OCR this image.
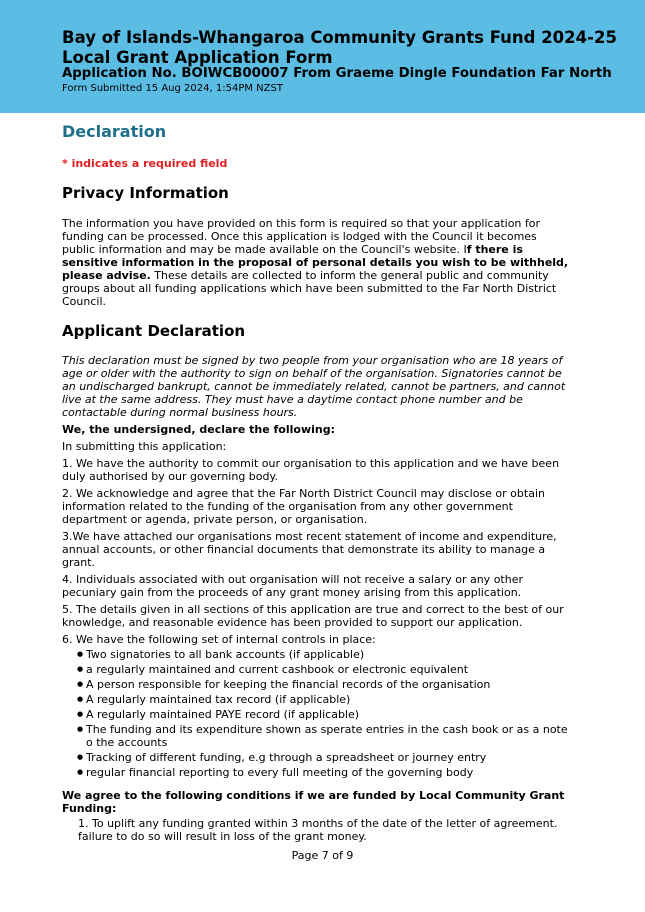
Bay of Islands-Whangaroa Community Grants Fund 2024-25 Local Grant Application Form
Application No. BOIWCB00007 From Graeme Dingle Foundation Far North
Form Submitted 15 Aug 2024, 1:54PM NZST
Declaration
* indicates a required field
Privacy Information
The information you have provided on this form is required so that your application for funding can be processed. Once this application is lodged with the Council it becomes public information and may be made available on the Council's website. If there is sensitive information in the proposal of personal details you wish to be withheld, please advise. These details are collected to inform the general public and community groups about all funding applications which have been submitted to the Far North District Council.
Applicant Declaration
This declaration must be signed by two people from your organisation who are 18 years of age or older with the authority to sign on behalf of the organisation. Signatories cannot be an undischarged bankrupt, cannot be immediately related, cannot be partners, and cannot live at the same address. They must have a daytime contact phone number and be contactable during normal business hours.
We, the undersigned, declare the following:
In submitting this application:
1. We have the authority to commit our organisation to this application and we have been duly authorised by our governing body.
2. We acknowledge and agree that the Far North District Council may disclose or obtain information related to the funding of the organisation from any other government department or agenda, private person, or organisation.
3.We have attached our organisations most recent statement of income and expenditure, annual accounts, or other financial documents that demonstrate its ability to manage a grant.
4. Individuals associated with out organisation will not receive a salary or any other pecuniary gain from the proceeds of any grant money arising from this application.
5. The details given in all sections of this application are true and correct to the best of our knowledge, and reasonable evidence has been provided to support our application.
6. We have the following set of internal controls in place:
● Two signatories to all bank accounts (if applicable)
● a regularly maintained and current cashbook or electronic equivalent
● A person responsible for keeping the financial records of the organisation
● A regularly maintained tax record (if applicable)
● A regularly maintained PAYE record (if applicable)
● The funding and its expenditure shown as sperate entries in the cash book or as a note o the accounts
● Tracking of different funding, e.g through a spreadsheet or journey entry
● regular financial reporting to every full meeting of the governing body
We agree to the following conditions if we are funded by Local Community Grant Funding:
1. To uplift any funding granted within 3 months of the date of the letter of agreement. failure to do so will result in loss of the grant money.
Page 7 of 9
